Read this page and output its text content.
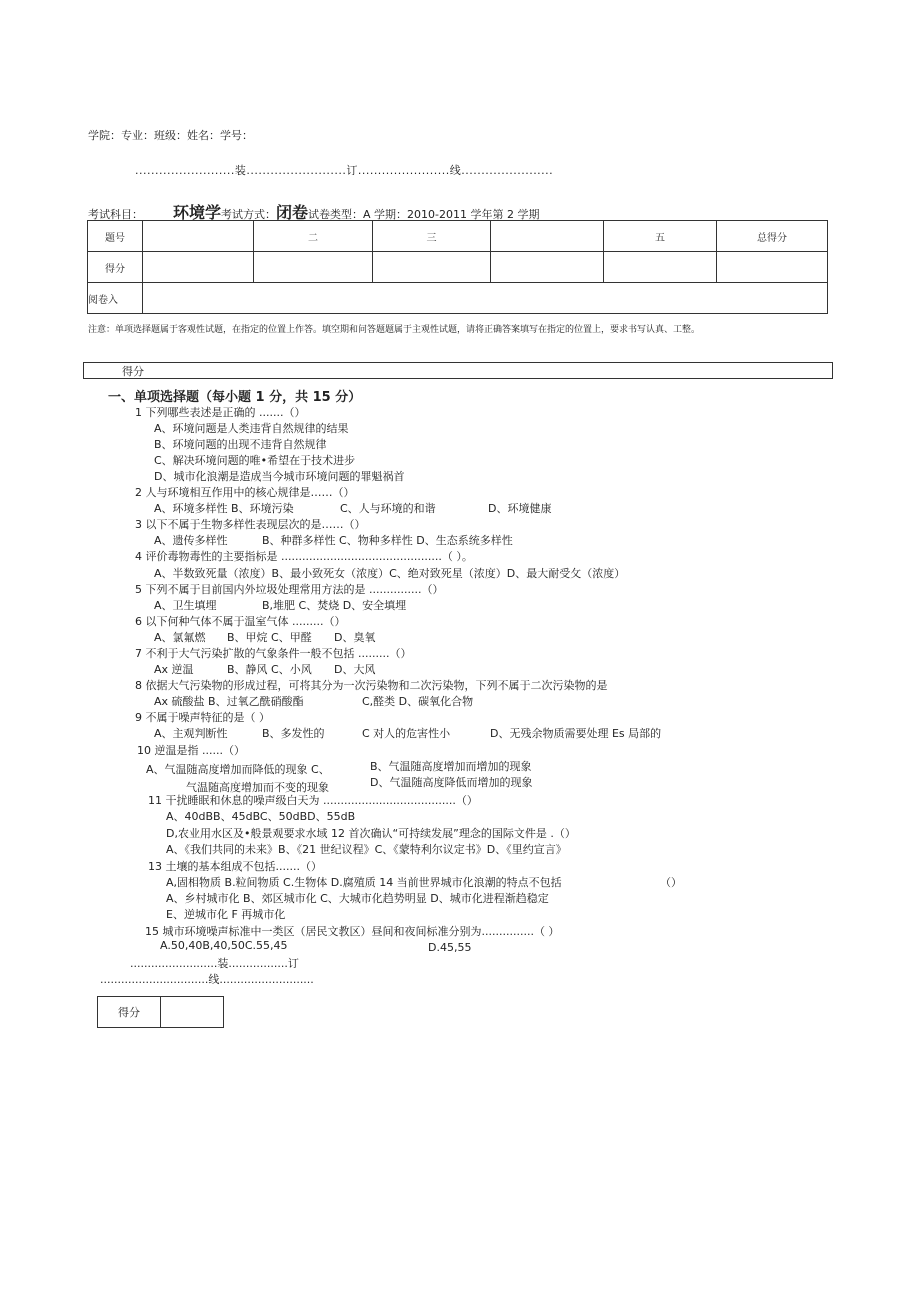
学院：专业：班级：姓名：学号：
.........................装.........................订.......................线.......................
考试科目： 环境学考试方式：闭卷试卷类型：A 学期：2010-2011 学年第 2 学期
题号		二	三		五	总得分
得分						
阅卷入						
注意：单项选择题属于客观性试题，在指定的位置上作答。填空期和问答题题属于主观性试题，请将正确答案填写在指定的位置上，要求书写认真、工整。
得分
一、单项选择题（每小题 1 分，共 15 分）
1 下列哪些表述是正确的 .......（）
A、环境问题是人类违背自然规律的结果
B、环境问题的出现不违背自然规律
C、解决环境问题的唯•希望在于技术进步
D、城市化浪潮是造成当今城市环境问题的罪魁祸首
2 人与环境相互作用中的核心规律是……（）
A、环境多样性 B、环境污染	C、人与环境的和谐	D、环境健康
3 以下不属于生物多样性表现层次的是……（）
A、遗传多样性	B、种群多样性 C、物种多样性 D、生态系统多样性
4 评价毒物毒性的主要指标是 ..............................................（ ）。
A、半数致死量（浓度）B、最小致死女（浓度）C、绝对致死星（浓度）D、最大耐受攵（浓度）
5 下列不属于目前国内外垃圾处理常用方法的是 ...............（）
A、卫生填埋	B,堆肥 C、焚烧 D、安全填埋
6 以下何种气体不属于温室气体 .........（）
A、氯氟燃 B、甲烷 C、甲醛 D、臭氧
7 不利于大气污染扩散的气象条件一般不包括 .........（）
Ax 逆温	B、静风 C、小风 D、大风
8 依据大气污染物的形成过程，可将其分为一次污染物和二次污染物，下列不属于二次污染物的是
Ax 硫酸盐 B、过氧乙酰硝酸酯	C,醛类 D、碳氧化合物
9 不属于噪声特征的是（ ）
A、主观判断性	B、多发性的	C 对人的危害性小	D、无残余物质需要处理 Es 局部的
10 逆温是指 ......（）
A、气温随高度增加而降低的现象 C、
气温随高度增加而不变的现象
B、气温随高度增加而增加的现象
D、气温随高度降低而增加的现象
11 干扰睡眠和休息的噪声级白天为 ......................................（）
A、40dBB、45dBC、50dBD、55dB
D,农业用水区及•般景观要求水域 12 首次确认“可持续发展”理念的国际文件是 .（）
A、《我们共同的未来》B、《21 世纪议程》C、《蒙特利尔议定书》D、《里约宣言》
13 土壤的基本组成不包括.......（）
A,固相物质 B.粒间物质 C.生物体 D.腐殖质 14 当前世界城市化浪潮的特点不包括	（）
A、乡村城市化 B、郊区城市化 C、大城市化趋势明显 D、城市化进程渐趋稳定
E、逆城市化 F 再城市化
15 城市环境噪声标准中一类区（居民文教区）昼间和夜间标准分别为...............（ ）
A.50,40B,40,50C.55,45	D.45,55
.........................装.................订
...............................线...........................
得分	
